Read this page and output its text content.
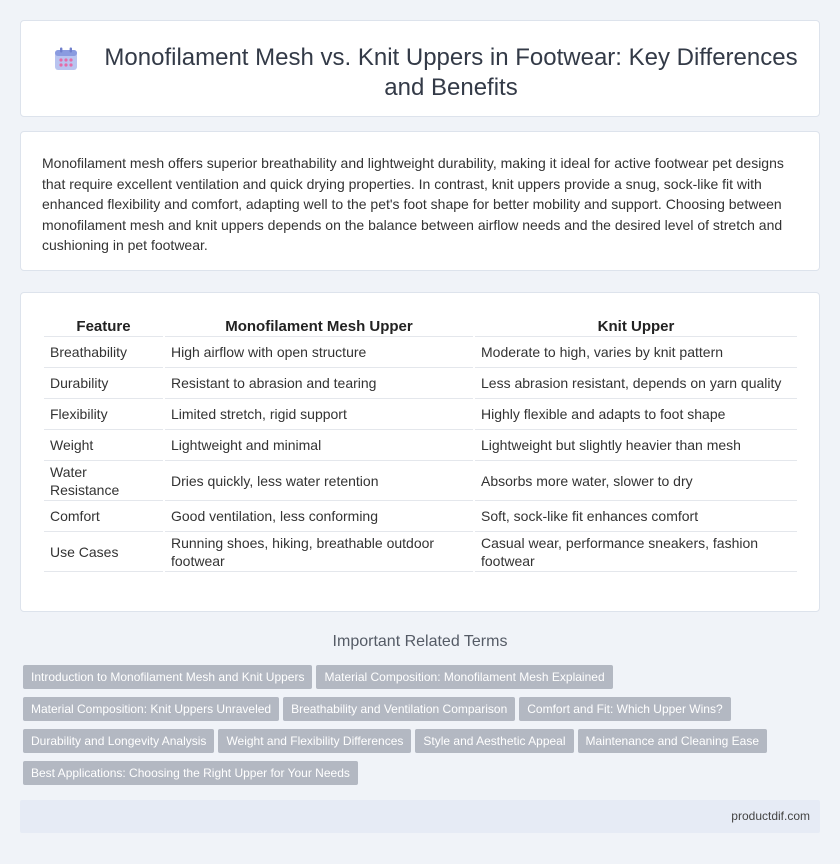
Monofilament Mesh vs. Knit Uppers in Footwear: Key Differences and Benefits

Monofilament mesh offers superior breathability and lightweight durability, making it ideal for active footwear pet designs that require excellent ventilation and quick drying properties. In contrast, knit uppers provide a snug, sock-like fit with enhanced flexibility and comfort, adapting well to the pet's foot shape for better mobility and support. Choosing between monofilament mesh and knit uppers depends on the balance between airflow needs and the desired level of stretch and cushioning in pet footwear.

Feature	Monofilament Mesh Upper	Knit Upper
Breathability	High airflow with open structure	Moderate to high, varies by knit pattern
Durability	Resistant to abrasion and tearing	Less abrasion resistant, depends on yarn quality
Flexibility	Limited stretch, rigid support	Highly flexible and adapts to foot shape
Weight	Lightweight and minimal	Lightweight but slightly heavier than mesh
Water Resistance	Dries quickly, less water retention	Absorbs more water, slower to dry
Comfort	Good ventilation, less conforming	Soft, sock-like fit enhances comfort
Use Cases	Running shoes, hiking, breathable outdoor footwear	Casual wear, performance sneakers, fashion footwear
Important Related Terms
Introduction to Monofilament Mesh and Knit Uppers Material Composition: Monofilament Mesh Explained
Material Composition: Knit Uppers Unraveled Breathability and Ventilation Comparison Comfort and Fit: Which Upper Wins?
Durability and Longevity Analysis Weight and Flexibility Differences Style and Aesthetic Appeal Maintenance and Cleaning Ease
Best Applications: Choosing the Right Upper for Your Needs
productdif.com
